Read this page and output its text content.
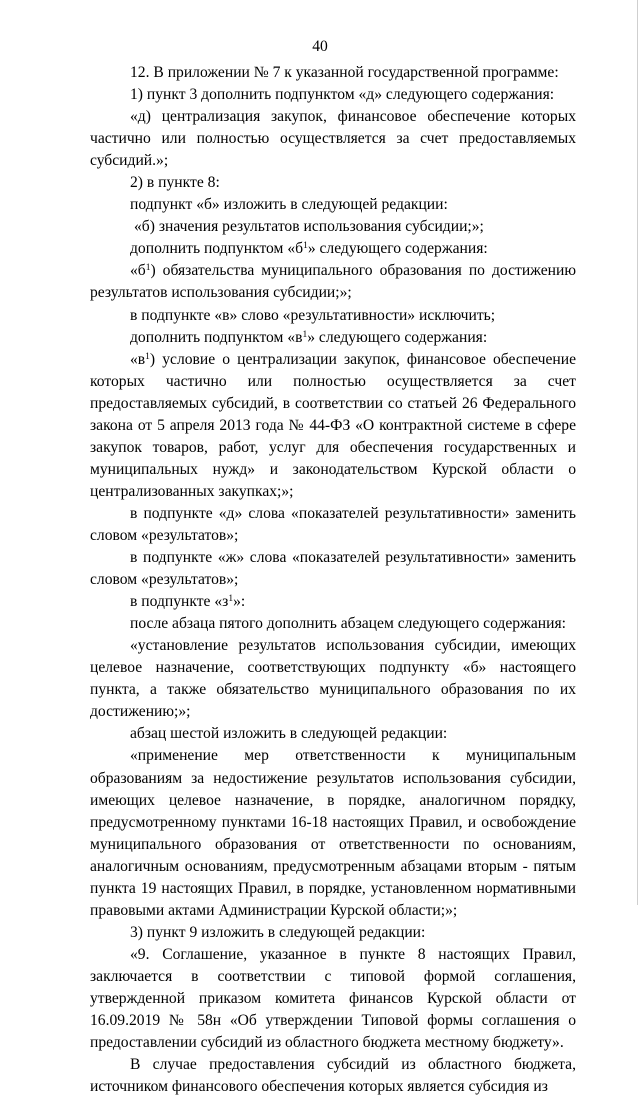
40

12. В приложении № 7 к указанной государственной программе:

1) пункт 3 дополнить подпунктом «д» следующего содержания:

«д) централизация закупок, финансовое обеспечение которых частично или полностью осуществляется за счет предоставляемых субсидий.»;

2) в пункте 8:

подпункт «б» изложить в следующей редакции:

«б) значения результатов использования субсидии;»;

дополнить подпунктом «$б^1$» следующего содержания:

«$б^1$) обязательства муниципального образования по достижению результатов использования субсидии;»;

в подпункте «в» слово «результативности» исключить;

дополнить подпунктом «$в^1$» следующего содержания:

«$в^1$) условие о централизации закупок, финансовое обеспечение которых частично или полностью осуществляется за счет предоставляемых субсидий, в соответствии со статьей 26 Федерального закона от 5 апреля 2013 года № 44-ФЗ «О контрактной системе в сфере закупок товаров, работ, услуг для обеспечения государственных и муниципальных нужд» и законодательством Курской области о централизованных закупках;»;

в подпункте «д» слова «показателей результативности» заменить словом «результатов»;

в подпункте «ж» слова «показателей результативности» заменить словом «результатов»;

в подпункте «$з^1$»:

после абзаца пятого дополнить абзацем следующего содержания:

«установление результатов использования субсидии, имеющих целевое назначение, соответствующих подпункту «б» настоящего пункта, а также обязательство муниципального образования по их достижению;»;

абзац шестой изложить в следующей редакции:

«применение мер ответственности к муниципальным образованиям за недостижение результатов использования субсидии, имеющих целевое назначение, в порядке, аналогичном порядку, предусмотренному пунктами 16-18 настоящих Правил, и освобождение муниципального образования от ответственности по основаниям, аналогичным основаниям, предусмотренным абзацами вторым - пятым пункта 19 настоящих Правил, в порядке, установленном нормативными правовыми актами Администрации Курской области;»;

3) пункт 9 изложить в следующей редакции:

«9. Соглашение, указанное в пункте 8 настоящих Правил, заключается в соответствии с типовой формой соглашения, утвержденной приказом комитета финансов Курской области от 16.09.2019 № 58н «Об утверждении Типовой формы соглашения о предоставлении субсидий из областного бюджета местному бюджету».

В случае предоставления субсидий из областного бюджета, источником финансового обеспечения которых является субсидия из
